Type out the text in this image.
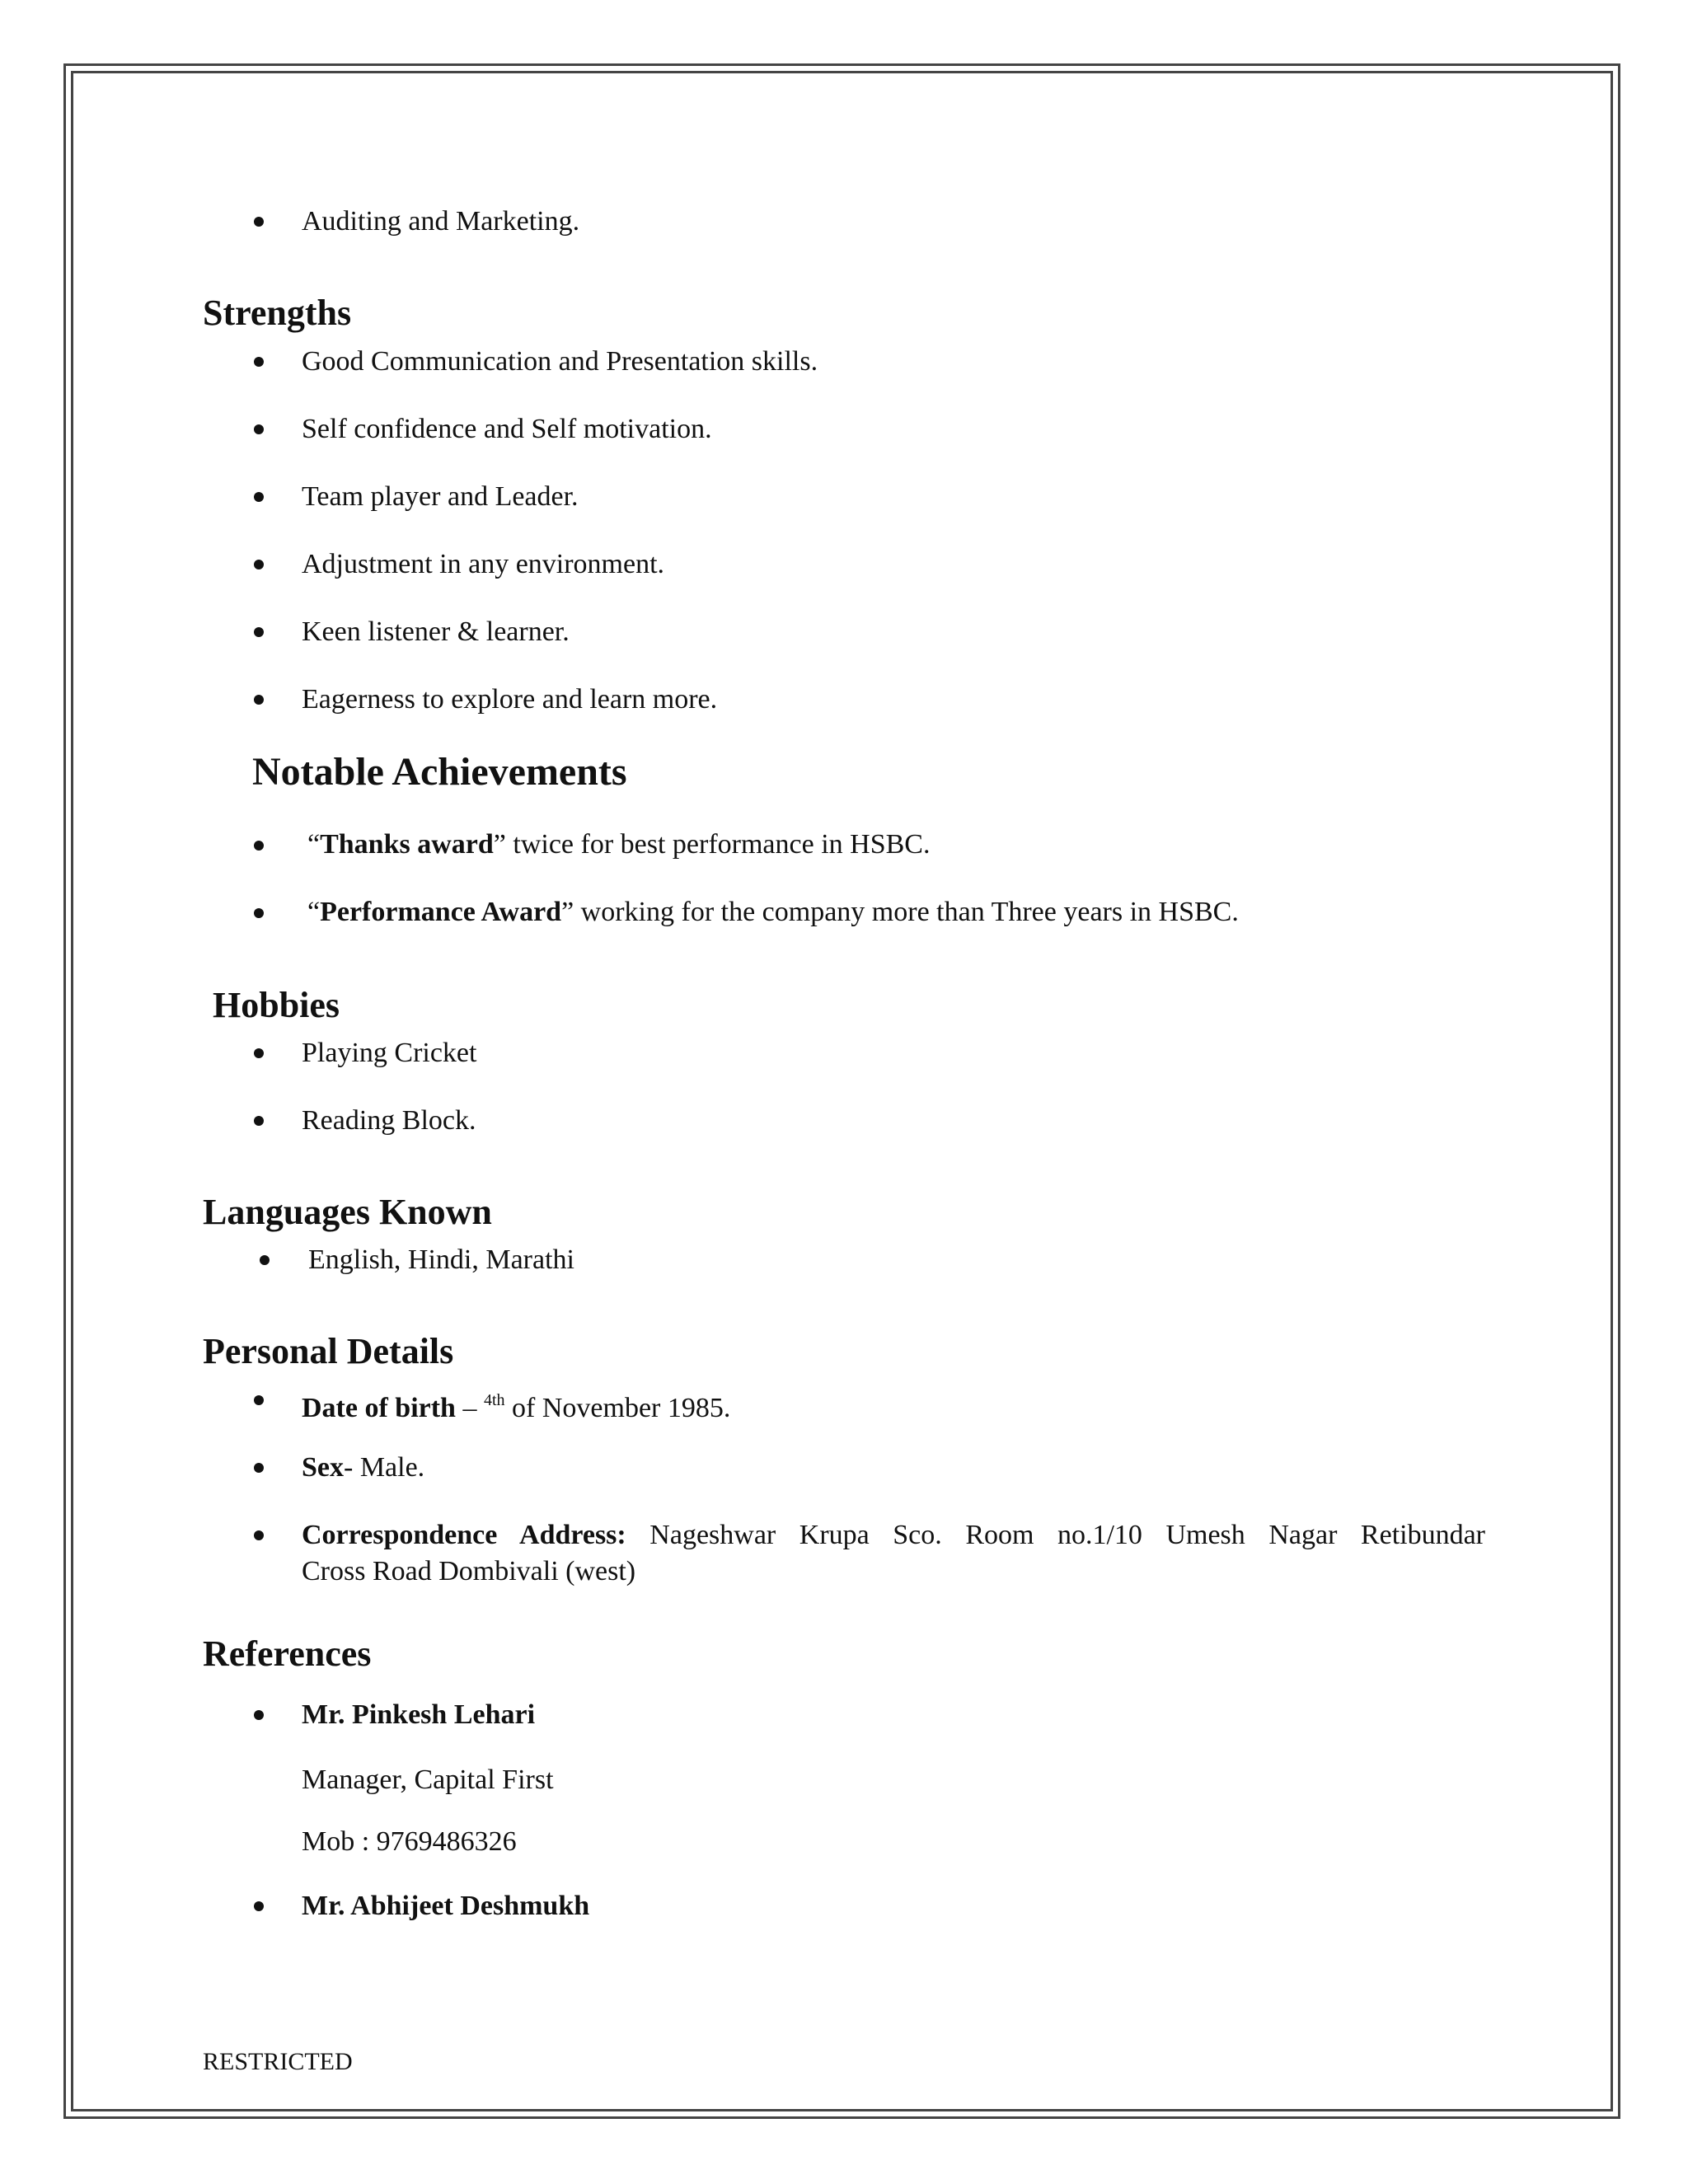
Auditing and Marketing.
Strengths
Good Communication and Presentation skills.
Self confidence and Self motivation.
Team player and Leader.
Adjustment in any environment.
Keen listener & learner.
Eagerness to explore and learn more.
Notable Achievements
“Thanks award” twice for best performance in HSBC.
“Performance Award” working for the company more than Three years in HSBC.
Hobbies
Playing Cricket
Reading Block.
Languages Known
English, Hindi, Marathi
Personal Details
Date of birth – $^{4th}$ of November 1985.
Sex- Male.
Correspondence Address: Nageshwar Krupa Sco. Room no.1/10 Umesh Nagar Retibundar
Cross Road Dombivali (west)
References
Mr. Pinkesh Lehari
Manager, Capital First
Mob : 9769486326
Mr. Abhijeet Deshmukh
RESTRICTED
